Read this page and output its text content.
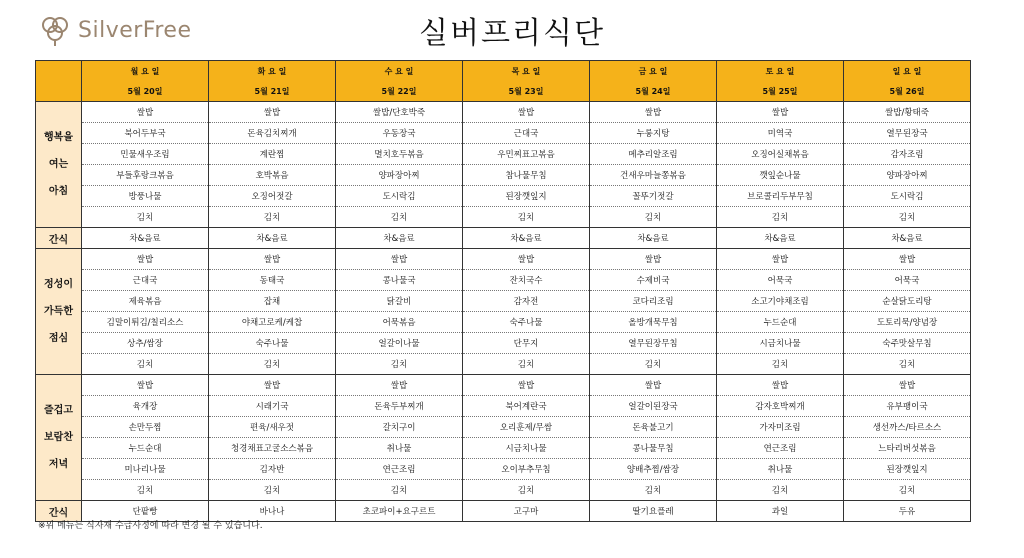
SilverFree	실버프리식단
	월 요 일	화 요 일	수 요 일	목 요 일	금 요 일	토 요 일	일 요 일
	5월 20일	5월 21일	5월 22일	5월 23일	5월 24일	5월 25일	5월 26일

행복을
여는
아침	쌀밥	쌀밥	쌀밥/단호박죽	쌀밥	쌀밥	쌀밥	쌀밥/황태죽
	북어두부국	돈육김치찌개	우동장국	근대국	누룽지탕	미역국	열무된장국
	민물새우조림	계란찜	멸치호두볶음	우민찌표고볶음	메추리알조림	오징어실채볶음	감자조림
	부들후랑크볶음	호박볶음	양파장아찌	참나물무침	건새우마늘쫑볶음	깻잎순나물	양파장아찌
	방풍나물	오징어젓갈	도시락김	된장깻잎지	꼴뚜기젓갈	브로콜리두부무침	도시락김
	김치	김치	김치	김치	김치	김치	김치
간식	차&음료	차&음료	차&음료	차&음료	차&음료	차&음료	차&음료

정성이
가득한
점심	쌀밥	쌀밥	쌀밥	쌀밥	쌀밥	쌀밥	쌀밥
	근대국	동태국	콩나물국	잔치국수	수제비국	어묵국	어묵국
	제육볶음	잡채	닭갈비	감자전	코다리조림	소고기야채조림	순살닭도리탕
	김말이튀김/칠리소스	야채고로케/케찹	어묵볶음	숙주나물	올방개묵무침	누드순대	도토리묵/양념장
	상추/쌈장	숙주나물	얼갈이나물	단무지	열무된장무침	시금치나물	숙주맛살무침
	김치	김치	김치	김치	김치	김치	김치

즐겁고
보람찬
저녁	쌀밥	쌀밥	쌀밥	쌀밥	쌀밥	쌀밥	쌀밥
	육개장	시래기국	돈육두부찌개	북어계란국	얼갈이된장국	감자호박찌개	유부팽이국
	손만두찜	편육/새우젓	갈치구이	오리훈제/무쌈	돈육불고기	가자미조림	생선까스/타르소스
	누드순대	청경채표고굴소스볶음	취나물	시금치나물	콩나물무침	연근조림	느타리버섯볶음
	미나리나물	김자반	연근조림	오이부추무침	양배추찜/쌈장	취나물	된장깻잎지
	김치	김치	김치	김치	김치	김치	김치
간식	단팥빵	바나나	초코파이+요구르트	고구마	딸기요플레	과일	두유
※위 메뉴는 식자재 수급사정에 따라 변경 될 수 있습니다.
